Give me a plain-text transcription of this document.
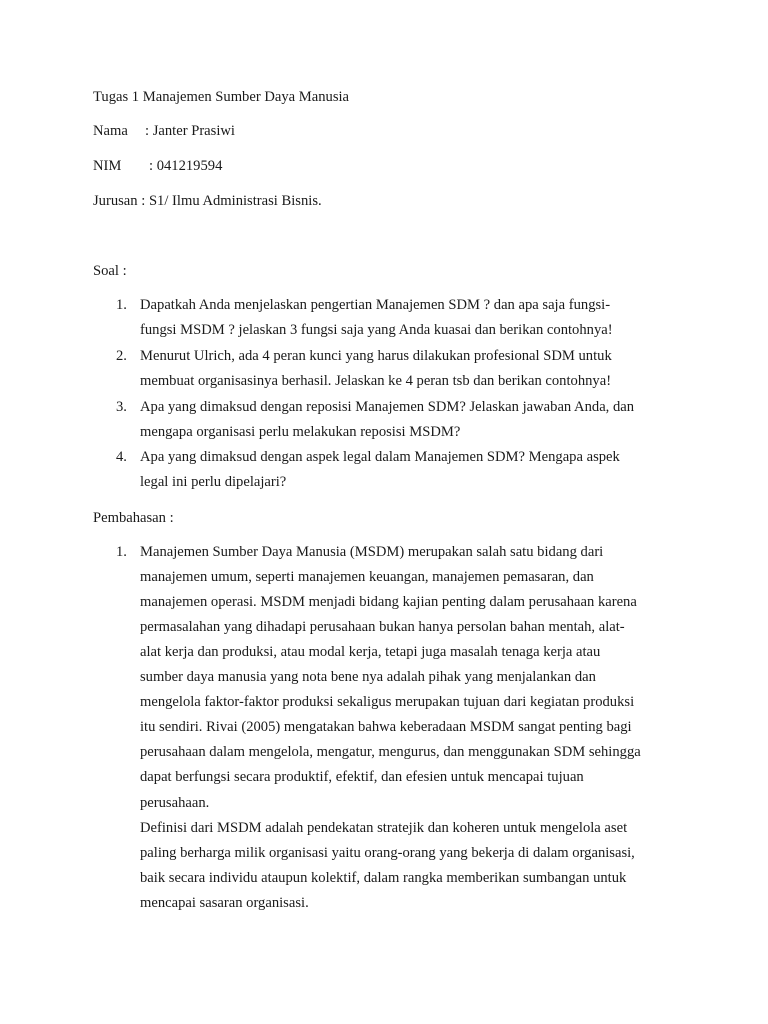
Tugas 1 Manajemen Sumber Daya Manusia
Nama : Janter Prasiwi
NIM : 041219594
Jurusan : S1/ Ilmu Administrasi Bisnis.
Soal :
1. Dapatkah Anda menjelaskan pengertian Manajemen SDM ? dan apa saja fungsi-
fungsi MSDM ? jelaskan 3 fungsi saja yang Anda kuasai dan berikan contohnya!
2. Menurut Ulrich, ada 4 peran kunci yang harus dilakukan profesional SDM untuk
membuat organisasinya berhasil. Jelaskan ke 4 peran tsb dan berikan contohnya!
3. Apa yang dimaksud dengan reposisi Manajemen SDM? Jelaskan jawaban Anda, dan
mengapa organisasi perlu melakukan reposisi MSDM?
4. Apa yang dimaksud dengan aspek legal dalam Manajemen SDM? Mengapa aspek
legal ini perlu dipelajari?
Pembahasan :
1. Manajemen Sumber Daya Manusia (MSDM) merupakan salah satu bidang dari
manajemen umum, seperti manajemen keuangan, manajemen pemasaran, dan
manajemen operasi. MSDM menjadi bidang kajian penting dalam perusahaan karena
permasalahan yang dihadapi perusahaan bukan hanya persolan bahan mentah, alat-
alat kerja dan produksi, atau modal kerja, tetapi juga masalah tenaga kerja atau
sumber daya manusia yang nota bene nya adalah pihak yang menjalankan dan
mengelola faktor-faktor produksi sekaligus merupakan tujuan dari kegiatan produksi
itu sendiri. Rivai (2005) mengatakan bahwa keberadaan MSDM sangat penting bagi
perusahaan dalam mengelola, mengatur, mengurus, dan menggunakan SDM sehingga
dapat berfungsi secara produktif, efektif, dan efesien untuk mencapai tujuan
perusahaan.
Definisi dari MSDM adalah pendekatan stratejik dan koheren untuk mengelola aset
paling berharga milik organisasi yaitu orang-orang yang bekerja di dalam organisasi,
baik secara individu ataupun kolektif, dalam rangka memberikan sumbangan untuk
mencapai sasaran organisasi.
